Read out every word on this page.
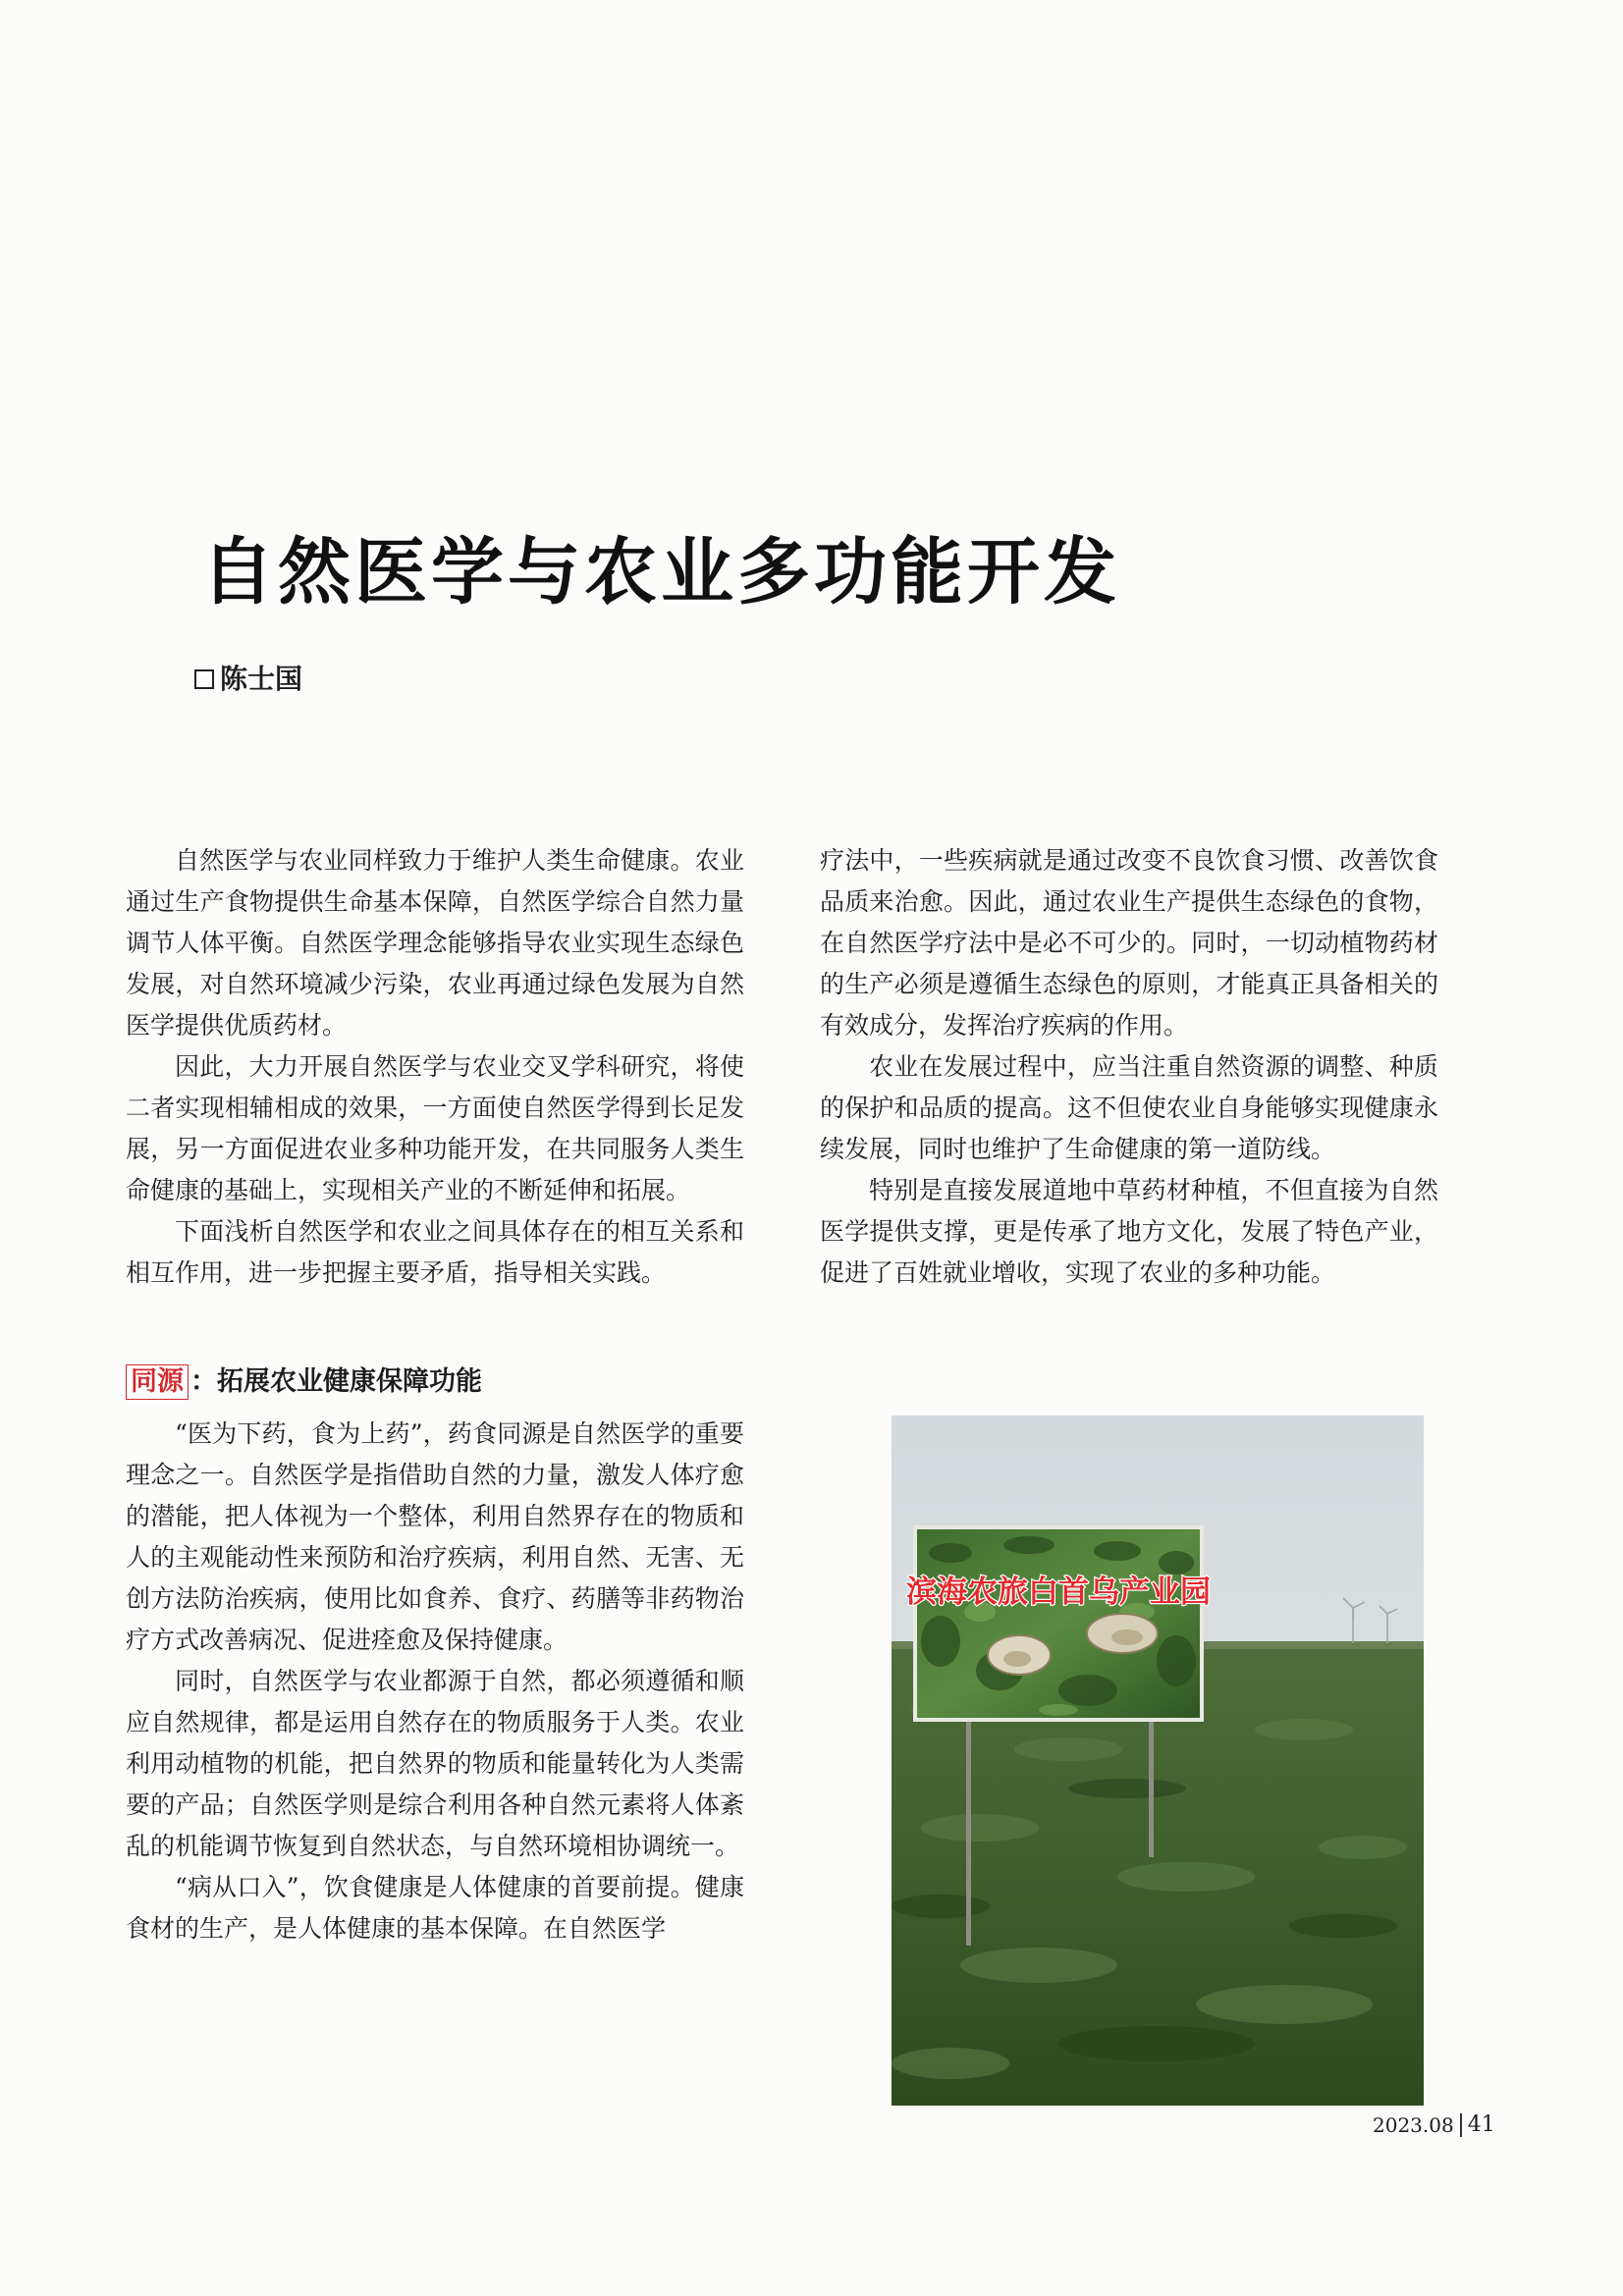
自然医学与农业多功能开发
陈士国

自然医学与农业同样致力于维护人类生命健康。农业通过生产食物提供生命基本保障，自然医学综合自然力量调节人体平衡。自然医学理念能够指导农业实现生态绿色发展，对自然环境减少污染，农业再通过绿色发展为自然医学提供优质药材。

因此，大力开展自然医学与农业交叉学科研究，将使二者实现相辅相成的效果，一方面使自然医学得到长足发展，另一方面促进农业多种功能开发，在共同服务人类生命健康的基础上，实现相关产业的不断延伸和拓展。

下面浅析自然医学和农业之间具体存在的相互关系和相互作用，进一步把握主要矛盾，指导相关实践。

同源 ： 拓展农业健康保障功能

“医为下药，食为上药”，药食同源是自然医学的重要理念之一。自然医学是指借助自然的力量，激发人体疗愈的潜能，把人体视为一个整体，利用自然界存在的物质和人的主观能动性来预防和治疗疾病，利用自然、无害、无创方法防治疾病，使用比如食养、食疗、药膳等非药物治疗方式改善病况、促进痊愈及保持健康。

同时，自然医学与农业都源于自然，都必须遵循和顺应自然规律，都是运用自然存在的物质服务于人类。农业利用动植物的机能，把自然界的物质和能量转化为人类需要的产品；自然医学则是综合利用各种自然元素将人体紊乱的机能调节恢复到自然状态，与自然环境相协调统一。

“病从口入”，饮食健康是人体健康的首要前提。健康食材的生产，是人体健康的基本保障。在自然医学

疗法中，一些疾病就是通过改变不良饮食习惯、改善饮食品质来治愈。因此，通过农业生产提供生态绿色的食物，在自然医学疗法中是必不可少的。同时，一切动植物药材的生产必须是遵循生态绿色的原则，才能真正具备相关的有效成分，发挥治疗疾病的作用。

农业在发展过程中，应当注重自然资源的调整、种质的保护和品质的提高。这不但使农业自身能够实现健康永续发展，同时也维护了生命健康的第一道防线。

特别是直接发展道地中草药材种植，不但直接为自然医学提供支撑，更是传承了地方文化，发展了特色产业，促进了百姓就业增收，实现了农业的多种功能。

滨海农旅白首乌产业园
2023.08 41
